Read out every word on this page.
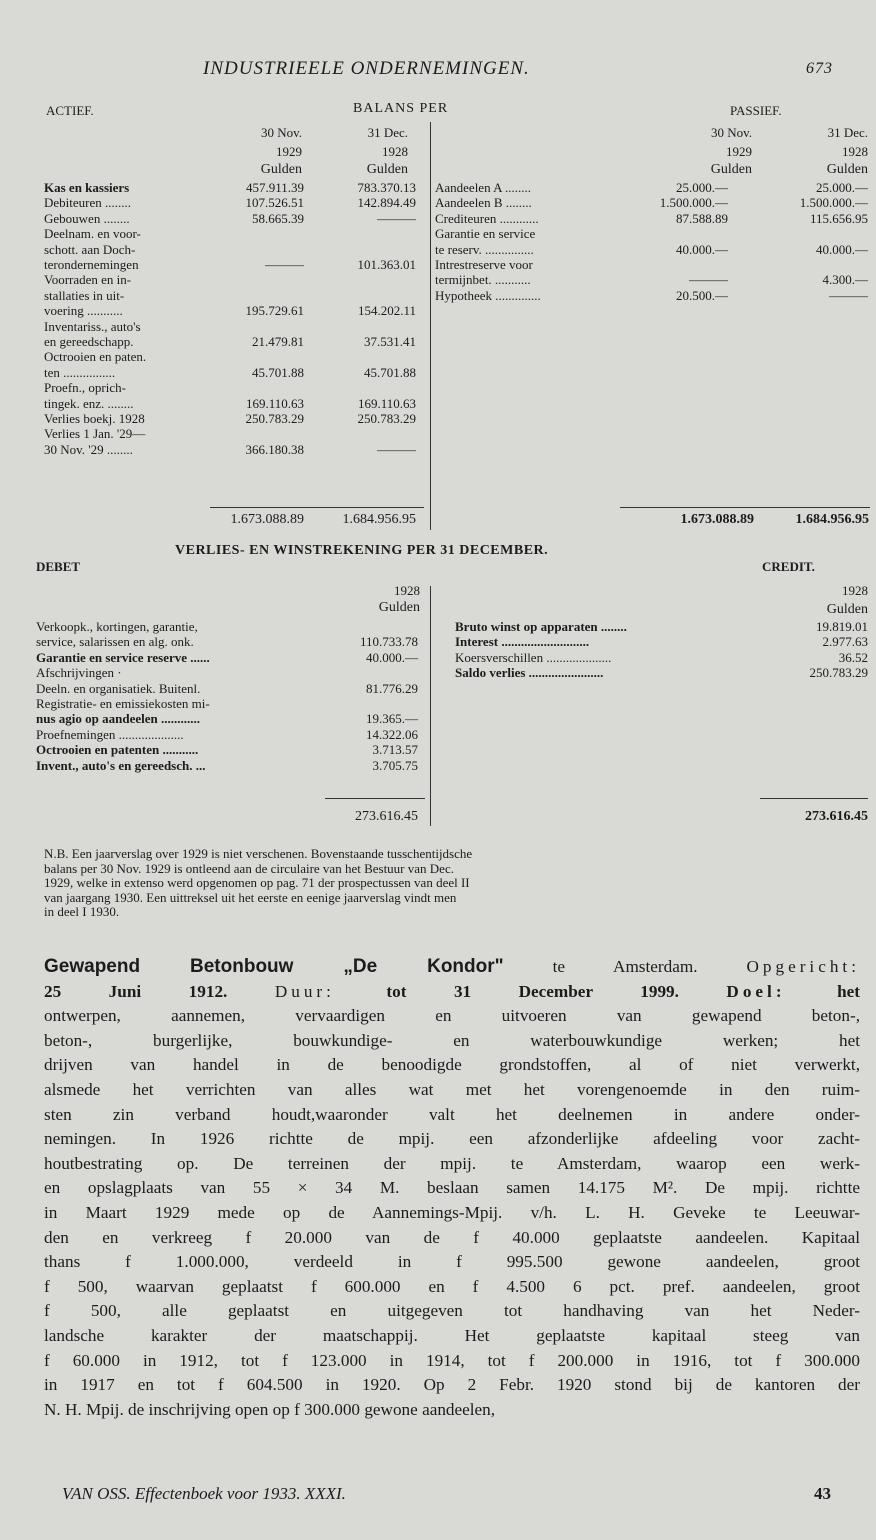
INDUSTRIEELE ONDERNEMINGEN.	673
ACTIEF.	BALANS PER	PASSIEF.
30 Nov.
1929
Gulden
31 Dec.
1928
Gulden
30 Nov.
1929
Gulden
31 Dec.
1928
Gulden
Kas en kassiers	457.911.39	783.370.13
Debiteuren ........	107.526.51	142.894.49
Gebouwen ........	58.665.39	———
Deelnam. en voor-
schott. aan Doch-
terondernemingen	———	101.363.01
Voorraden en in-
stallaties in uit-
voering ...........	195.729.61	154.202.11
Inventariss., auto's
en gereedschapp.	21.479.81	37.531.41
Octrooien en paten.
ten ................	45.701.88	45.701.88
Proefn., oprich-
tingek. enz. ........	169.110.63	169.110.63
Verlies boekj. 1928	250.783.29	250.783.29
Verlies 1 Jan. '29—
30 Nov. '29 ........	366.180.38	———
Aandeelen A ........	25.000.—	25.000.—
Aandeelen B ........	1.500.000.—	1.500.000.—
Crediteuren ............	87.588.89	115.656.95
Garantie en service
te reserv. ...............	40.000.—	40.000.—
Intrestreserve voor
termijnbet. ...........	———	4.300.—
Hypotheek ..............	20.500.—	———
1.673.088.89	1.684.956.95	1.673.088.89	1.684.956.95
VERLIES- EN WINSTREKENING PER 31 DECEMBER.
DEBET	CREDIT.
1928
Gulden
1928
Gulden
Verkoopk., kortingen, garantie,
service, salarissen en alg. onk.	110.733.78
Garantie en service reserve ......	40.000.—
Afschrijvingen ·
Deeln. en organisatiek. Buitenl.	81.776.29
Registratie- en emissiekosten mi-
nus agio op aandeelen ............	19.365.—
Proefnemingen ....................	14.322.06
Octrooien en patenten ...........	3.713.57
Invent., auto's en gereedsch. ...	3.705.75
Bruto winst op apparaten ........	19.819.01
Interest ...........................	2.977.63
Koersverschillen ....................	36.52
Saldo verlies .......................	250.783.29
273.616.45	273.616.45
N.B. Een jaarverslag over 1929 is niet verschenen. Bovenstaande tusschentijdsche
balans per 30 Nov. 1929 is ontleend aan de circulaire van het Bestuur van Dec.
1929, welke in extenso werd opgenomen op pag. 71 der prospectussen van deel II
van jaargang 1930. Een uittreksel uit het eerste en eenige jaarverslag vindt men
in deel I 1930.
Gewapend Betonbouw „De Kondor" te Amsterdam. Opgericht:
25 Juni 1912. Duur: tot 31 December 1999. Doel: het
ontwerpen, aannemen, vervaardigen en uitvoeren van gewapend beton-,
beton-, burgerlijke, bouwkundige- en waterbouwkundige werken; het
drijven van handel in de benoodigde grondstoffen, al of niet verwerkt,
alsmede het verrichten van alles wat met het vorengenoemde in den ruim-
sten zin verband houdt,waaronder valt het deelnemen in andere onder-
nemingen. In 1926 richtte de mpij. een afzonderlijke afdeeling voor zacht-
houtbestrating op. De terreinen der mpij. te Amsterdam, waarop een werk-
en opslagplaats van 55 × 34 M. beslaan samen 14.175 M². De mpij. richtte
in Maart 1929 mede op de Aannemings-Mpij. v/h. L. H. Geveke te Leeuwar-
den en verkreeg f 20.000 van de f 40.000 geplaatste aandeelen. Kapitaal
thans f 1.000.000, verdeeld in f 995.500 gewone aandeelen, groot
f 500, waarvan geplaatst f 600.000 en f 4.500 6 pct. pref. aandeelen, groot
f 500, alle geplaatst en uitgegeven tot handhaving van het Neder-
landsche karakter der maatschappij. Het geplaatste kapitaal steeg van
f 60.000 in 1912, tot f 123.000 in 1914, tot f 200.000 in 1916, tot f 300.000
in 1917 en tot f 604.500 in 1920. Op 2 Febr. 1920 stond bij de kantoren der
N. H. Mpij. de inschrijving open op f 300.000 gewone aandeelen,
VAN OSS. Effectenboek voor 1933. XXXI.	43
